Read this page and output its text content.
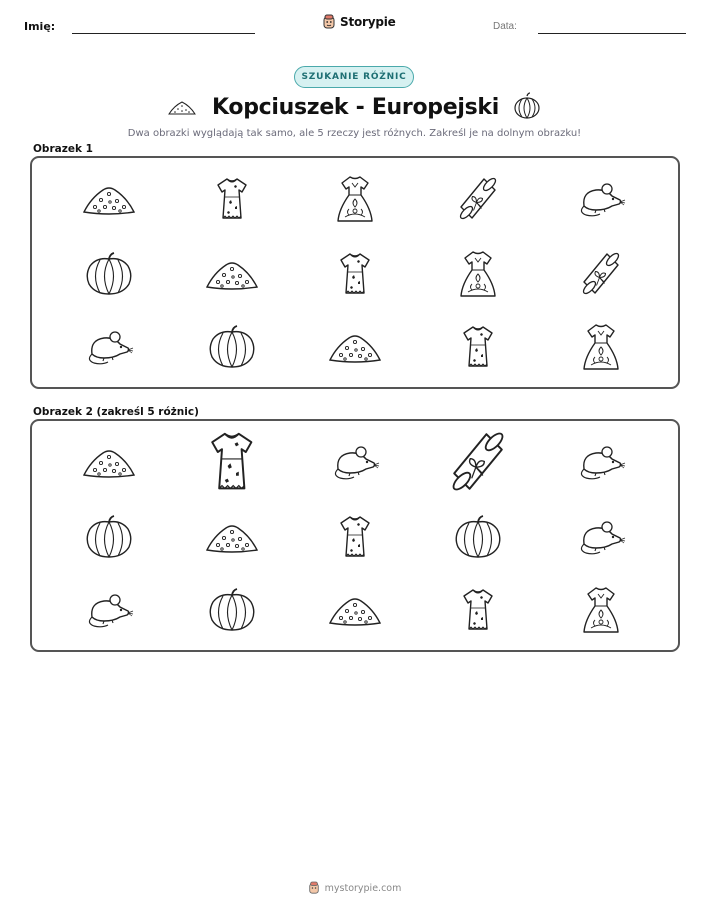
Imię:	Storypie	Data:
SZUKANIE RÓŻNIC
Kopciuszek - Europejski
Dwa obrazki wyglądają tak samo, ale 5 rzeczy jest różnych. Zakreśl je na dolnym obrazku!
Obrazek 1
Obrazek 2 (zakreśl 5 różnic)
mystorypie.com
